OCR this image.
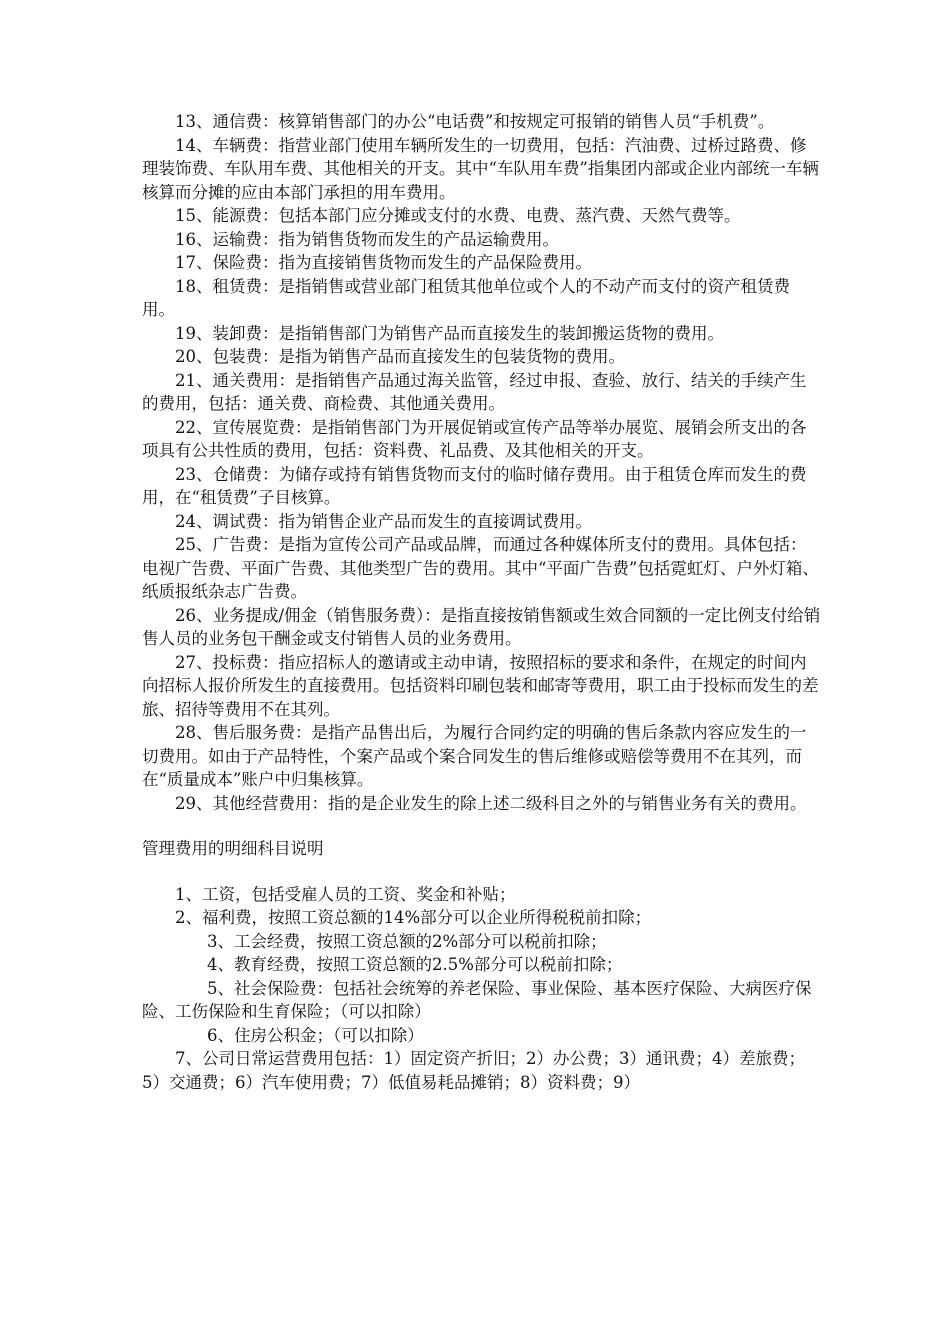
13、通信费：核算销售部门的办公“电话费”和按规定可报销的销售人员“手机费”。

14、车辆费：指营业部门使用车辆所发生的一切费用，包括：汽油费、过桥过路费、修理装饰费、车队用车费、其他相关的开支。其中“车队用车费”指集团内部或企业内部统一车辆核算而分摊的应由本部门承担的用车费用。

15、能源费：包括本部门应分摊或支付的水费、电费、蒸汽费、天然气费等。

16、运输费：指为销售货物而发生的产品运输费用。

17、保险费：指为直接销售货物而发生的产品保险费用。

18、租赁费：是指销售或营业部门租赁其他单位或个人的不动产而支付的资产租赁费用。

19、装卸费：是指销售部门为销售产品而直接发生的装卸搬运货物的费用。

20、包装费：是指为销售产品而直接发生的包装货物的费用。

21、通关费用：是指销售产品通过海关监管，经过申报、查验、放行、结关的手续产生的费用，包括：通关费、商检费、其他通关费用。

22、宣传展览费：是指销售部门为开展促销或宣传产品等举办展览、展销会所支出的各项具有公共性质的费用，包括：资料费、礼品费、及其他相关的开支。

23、仓储费：为储存或持有销售货物而支付的临时储存费用。由于租赁仓库而发生的费用，在“租赁费”子目核算。

24、调试费：指为销售企业产品而发生的直接调试费用。

25、广告费：是指为宣传公司产品或品牌，而通过各种媒体所支付的费用。具体包括：电视广告费、平面广告费、其他类型广告的费用。其中“平面广告费”包括霓虹灯、户外灯箱、纸质报纸杂志广告费。

26、业务提成/佣金（销售服务费）：是指直接按销售额或生效合同额的一定比例支付给销售人员的业务包干酬金或支付销售人员的业务费用。

27、投标费：指应招标人的邀请或主动申请，按照招标的要求和条件，在规定的时间内向招标人报价所发生的直接费用。包括资料印刷包装和邮寄等费用，职工由于投标而发生的差旅、招待等费用不在其列。

28、售后服务费：是指产品售出后，为履行合同约定的明确的售后条款内容应发生的一切费用。如由于产品特性，个案产品或个案合同发生的售后维修或赔偿等费用不在其列，而在“质量成本”账户中归集核算。

29、其他经营费用：指的是企业发生的除上述二级科目之外的与销售业务有关的费用。

管理费用的明细科目说明

1、工资，包括受雇人员的工资、奖金和补贴；

2、福利费，按照工资总额的14%部分可以企业所得税税前扣除；

3、工会经费，按照工资总额的2%部分可以税前扣除；

4、教育经费，按照工资总额的2.5%部分可以税前扣除；

5、社会保险费：包括社会统筹的养老保险、事业保险、基本医疗保险、大病医疗保险、工伤保险和生育保险；（可以扣除）

6、住房公积金；（可以扣除）

7、公司日常运营费用包括：1）固定资产折旧；2）办公费；3）通讯费；4）差旅费；5）交通费；6）汽车使用费；7）低值易耗品摊销；8）资料费；9）
